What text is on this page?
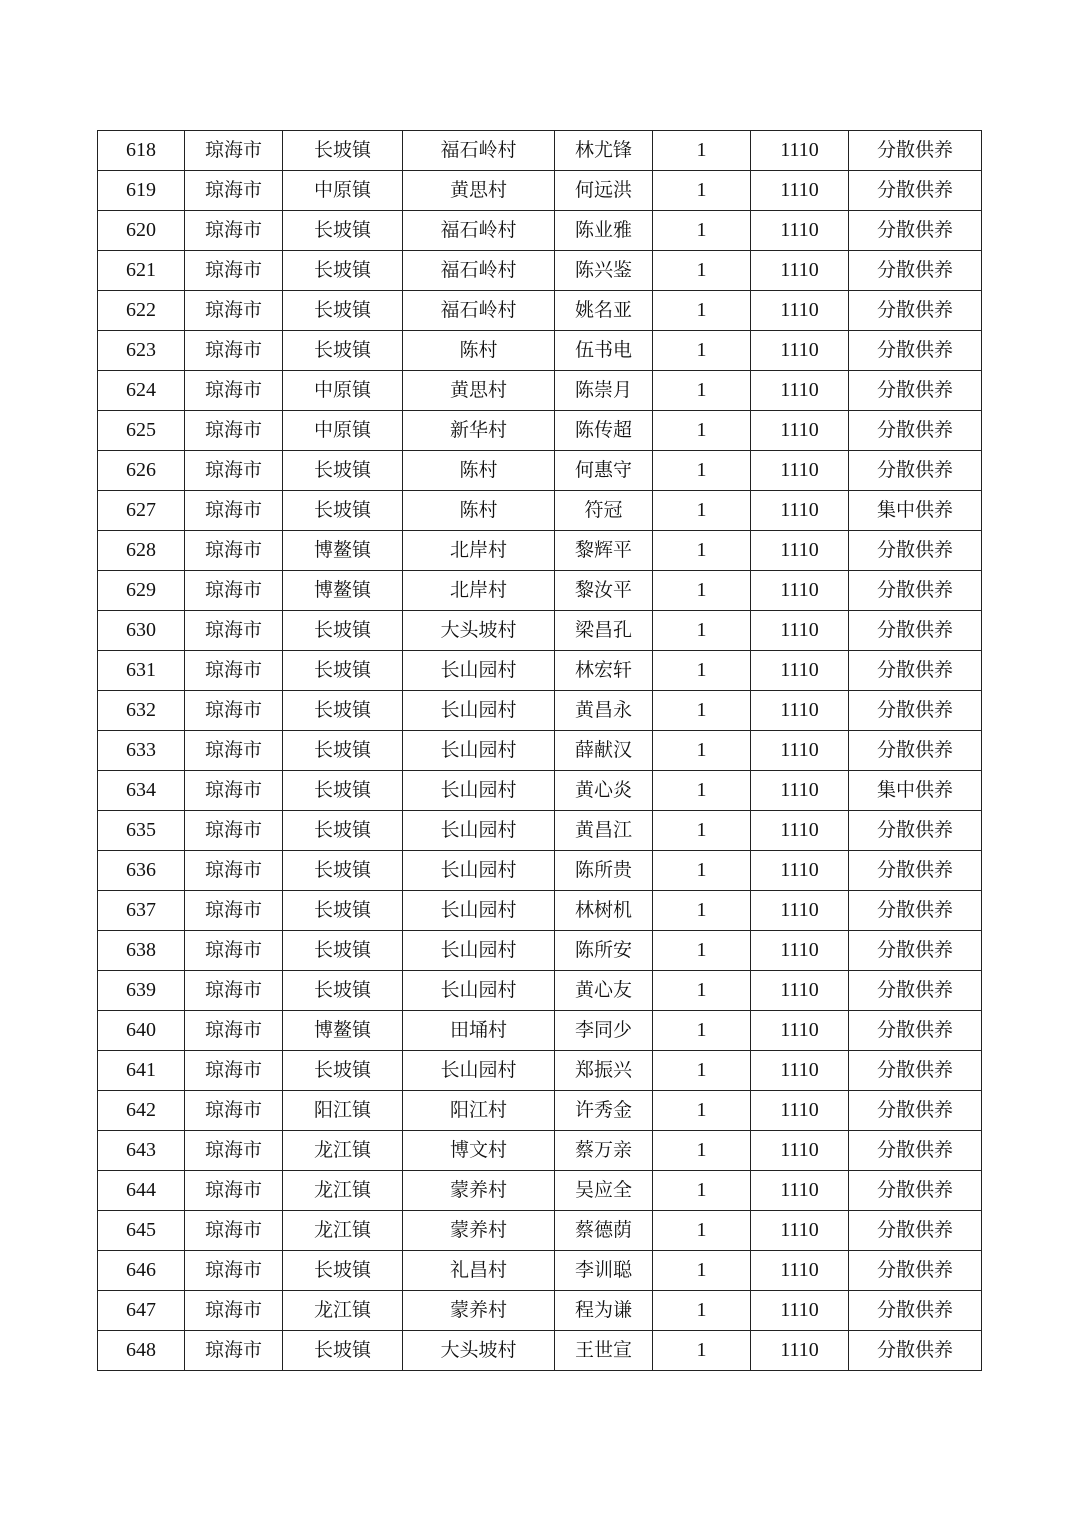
618	琼海市	长坡镇	福石岭村	林尤锋	1	1110	分散供养
619	琼海市	中原镇	黄思村	何远洪	1	1110	分散供养
620	琼海市	长坡镇	福石岭村	陈业雅	1	1110	分散供养
621	琼海市	长坡镇	福石岭村	陈兴鉴	1	1110	分散供养
622	琼海市	长坡镇	福石岭村	姚名亚	1	1110	分散供养
623	琼海市	长坡镇	陈村	伍书电	1	1110	分散供养
624	琼海市	中原镇	黄思村	陈崇月	1	1110	分散供养
625	琼海市	中原镇	新华村	陈传超	1	1110	分散供养
626	琼海市	长坡镇	陈村	何惠守	1	1110	分散供养
627	琼海市	长坡镇	陈村	符冠	1	1110	集中供养
628	琼海市	博鳌镇	北岸村	黎辉平	1	1110	分散供养
629	琼海市	博鳌镇	北岸村	黎汝平	1	1110	分散供养
630	琼海市	长坡镇	大头坡村	梁昌孔	1	1110	分散供养
631	琼海市	长坡镇	长山园村	林宏轩	1	1110	分散供养
632	琼海市	长坡镇	长山园村	黄昌永	1	1110	分散供养
633	琼海市	长坡镇	长山园村	薛献汉	1	1110	分散供养
634	琼海市	长坡镇	长山园村	黄心炎	1	1110	集中供养
635	琼海市	长坡镇	长山园村	黄昌江	1	1110	分散供养
636	琼海市	长坡镇	长山园村	陈所贵	1	1110	分散供养
637	琼海市	长坡镇	长山园村	林树机	1	1110	分散供养
638	琼海市	长坡镇	长山园村	陈所安	1	1110	分散供养
639	琼海市	长坡镇	长山园村	黄心友	1	1110	分散供养
640	琼海市	博鳌镇	田埇村	李同少	1	1110	分散供养
641	琼海市	长坡镇	长山园村	郑振兴	1	1110	分散供养
642	琼海市	阳江镇	阳江村	许秀金	1	1110	分散供养
643	琼海市	龙江镇	博文村	蔡万亲	1	1110	分散供养
644	琼海市	龙江镇	蒙养村	吴应全	1	1110	分散供养
645	琼海市	龙江镇	蒙养村	蔡德荫	1	1110	分散供养
646	琼海市	长坡镇	礼昌村	李训聪	1	1110	分散供养
647	琼海市	龙江镇	蒙养村	程为谦	1	1110	分散供养
648	琼海市	长坡镇	大头坡村	王世宣	1	1110	分散供养
